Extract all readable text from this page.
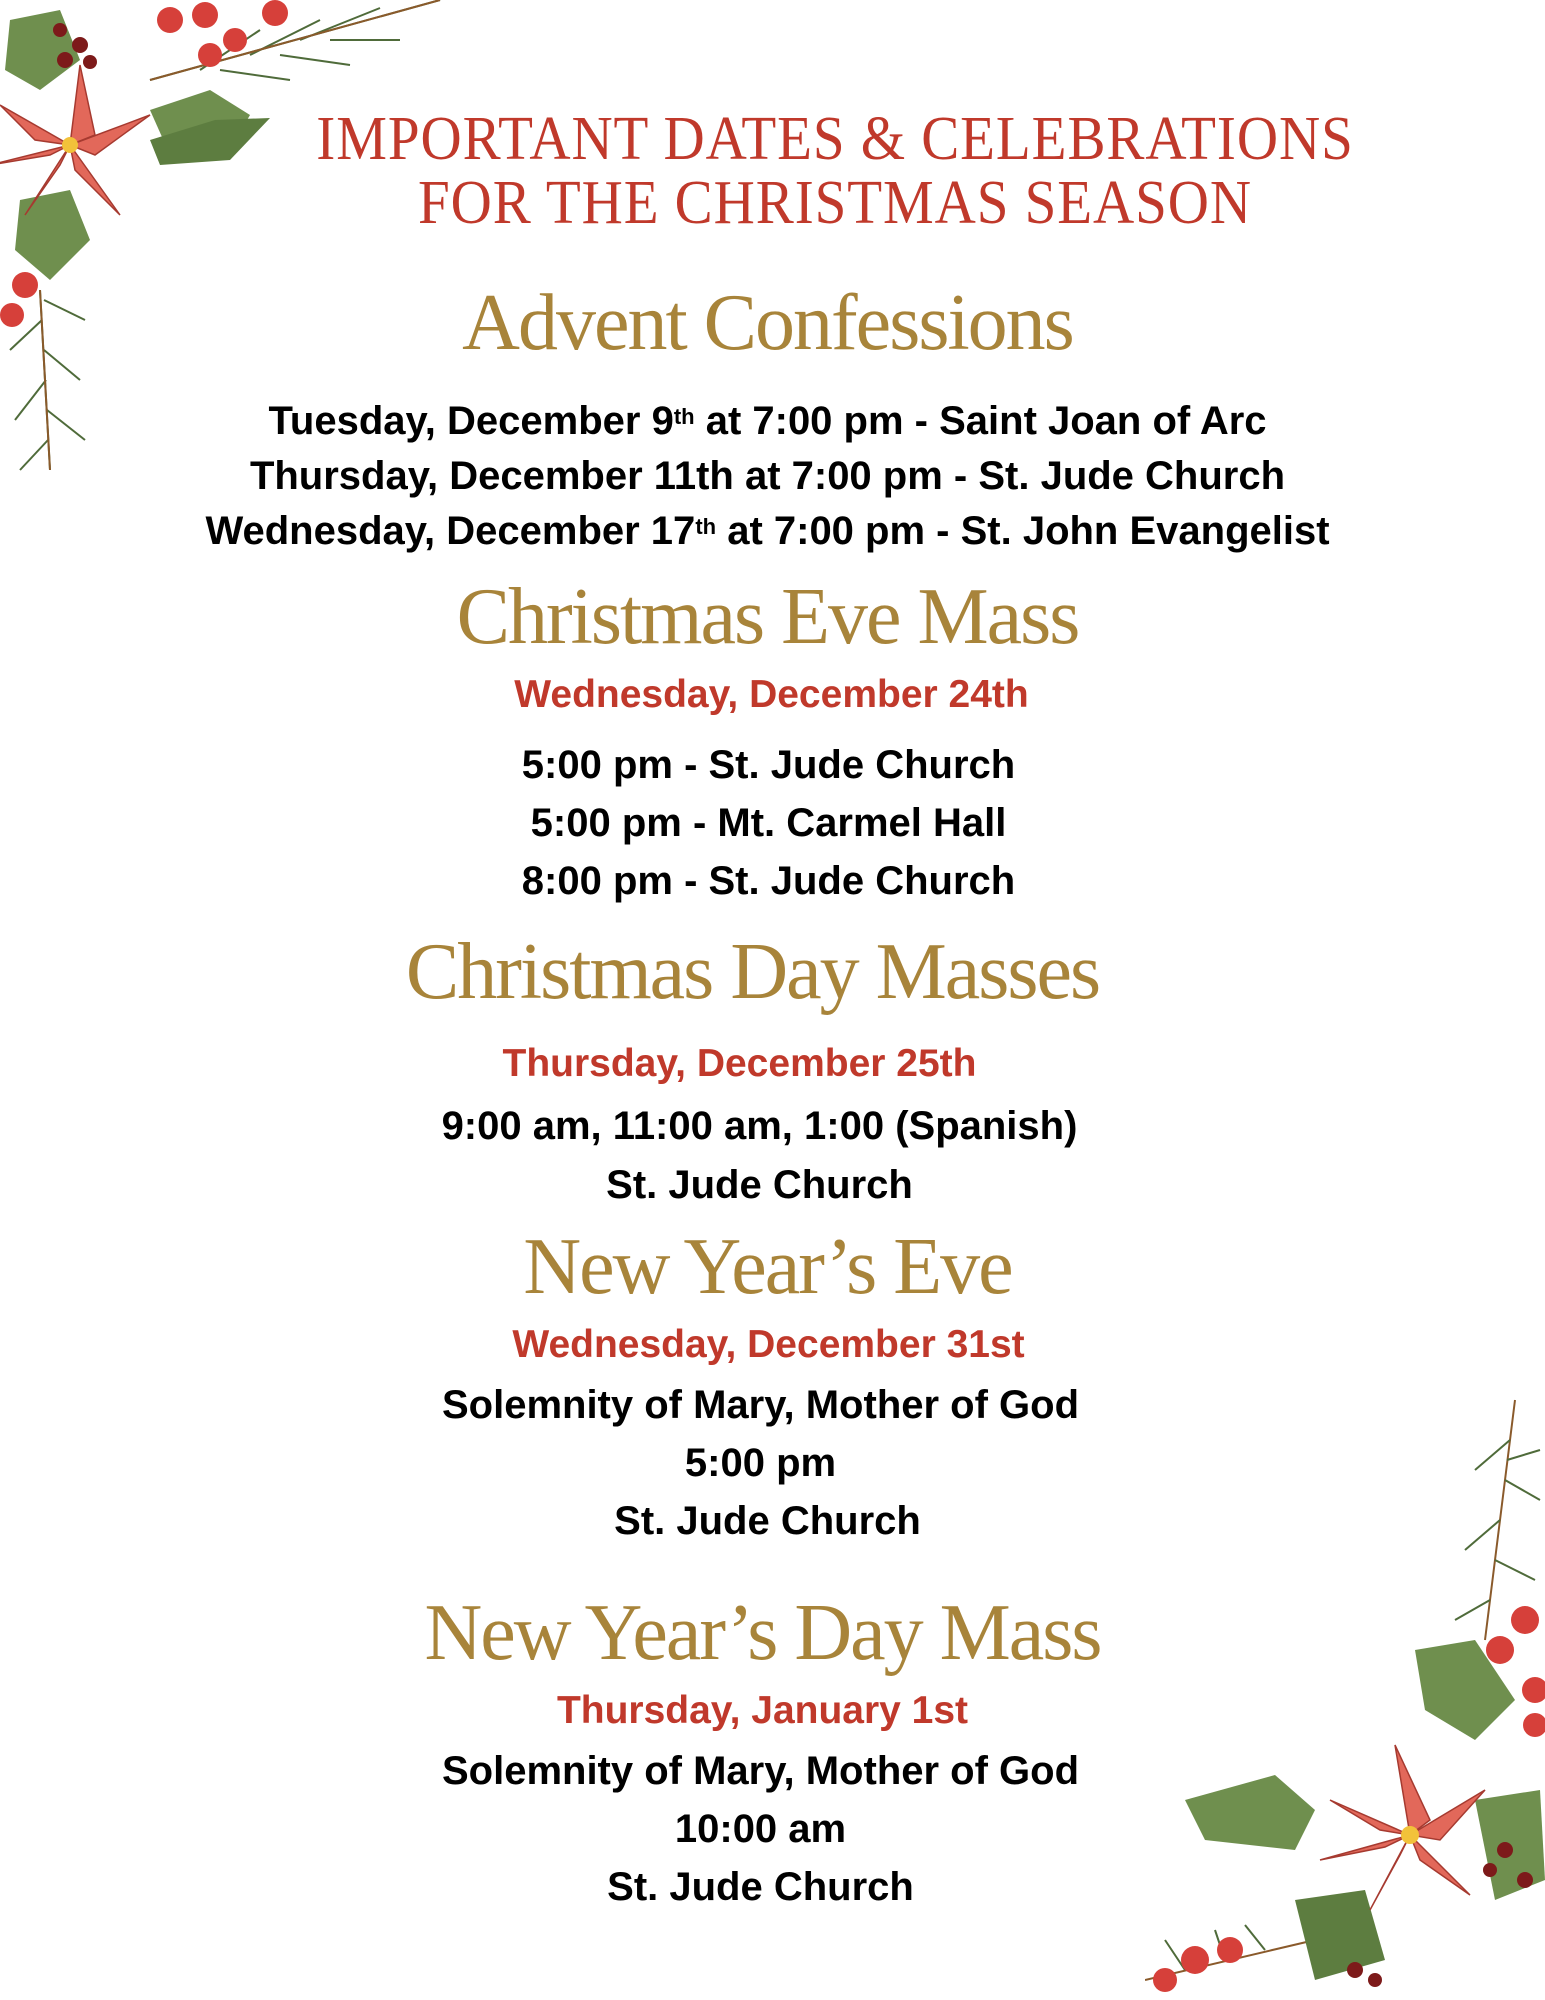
IMPORTANT DATES & CELEBRATIONS
FOR THE CHRISTMAS SEASON
Advent Confessions
Tuesday, December 9th at 7:00 pm - Saint Joan of Arc
Thursday, December 11th at 7:00 pm - St. Jude Church
Wednesday, December 17th at 7:00 pm - St. John Evangelist
Christmas Eve Mass
Wednesday, December 24th
5:00 pm - St. Jude Church
5:00 pm - Mt. Carmel Hall
8:00 pm - St. Jude Church
Christmas Day Masses
Thursday, December 25th
9:00 am, 11:00 am, 1:00 (Spanish)
St. Jude Church
New Year’s Eve
Wednesday, December 31st
Solemnity of Mary, Mother of God
5:00 pm
St. Jude Church
New Year’s Day Mass
Thursday, January 1st
Solemnity of Mary, Mother of God
10:00 am
St. Jude Church
